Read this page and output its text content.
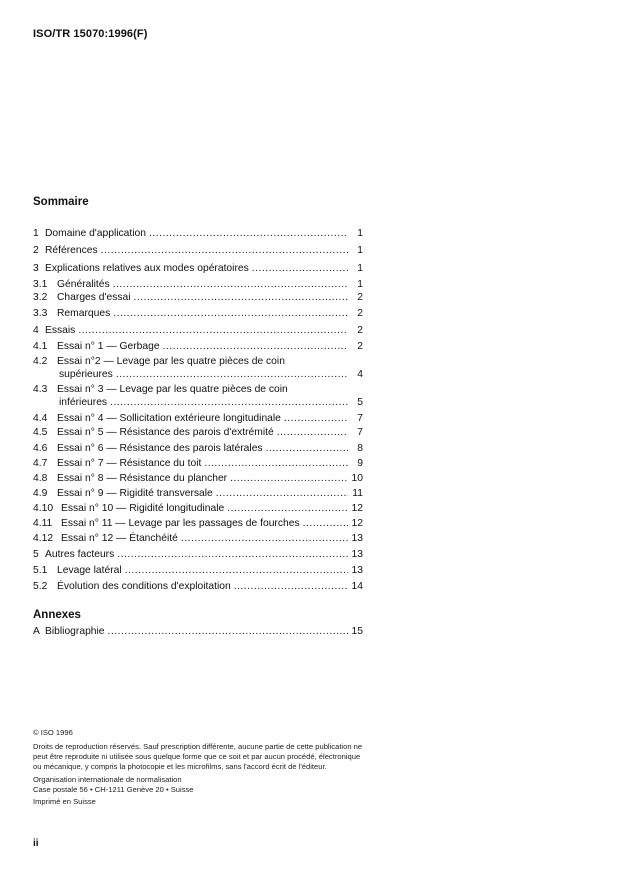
ISO/TR 15070:1996(F)
Sommaire
1 Domaine d'application .....	1
2 Références .....	1
3 Explications relatives aux modes opératoires .....	1
3.1 Généralités .....	1
3.2 Charges d'essai .....	2
3.3 Remarques .....	2
4 Essais .....	2
4.1 Essai n° 1 — Gerbage .....	2
4.2 Essai n°2 — Levage par les quatre pièces de coin
supérieures .....	4
4.3 Essai n° 3 — Levage par les quatre pièces de coin
inférieures .....	5
4.4 Essai n° 4 — Sollicitation extérieure longitudinale .....	7
4.5 Essai n° 5 — Résistance des parois d'extrémité .....	7
4.6 Essai n° 6 — Résistance des parois latérales .....	8
4.7 Essai n° 7 — Résistance du toit .....	9
4.8 Essai n° 8 — Résistance du plancher .....	10
4.9 Essai n° 9 — Rigidité transversale .....	11
4.10 Essai n° 10 — Rigidité longitudinale .....	12
4.11 Essai n° 11 — Levage par les passages de fourches .....	12
4.12 Essai n° 12 — Étanchéité .....	13
5 Autres facteurs .....	13
5.1 Levage latéral .....	13
5.2 Évolution des conditions d'exploitation .....	14
Annexes
A Bibliographie .....	15
© ISO 1996
Droits de reproduction réservés. Sauf prescription différente, aucune partie de cette publication ne
peut être reproduite ni utilisée sous quelque forme que ce soit et par aucun procédé, électronique
ou mécanique, y compris la photocopie et les microfilms, sans l'accord écrit de l'éditeur.
Organisation internationale de normalisation
Case postale 56 • CH-1211 Genève 20 • Suisse
Imprimé en Suisse
ii
